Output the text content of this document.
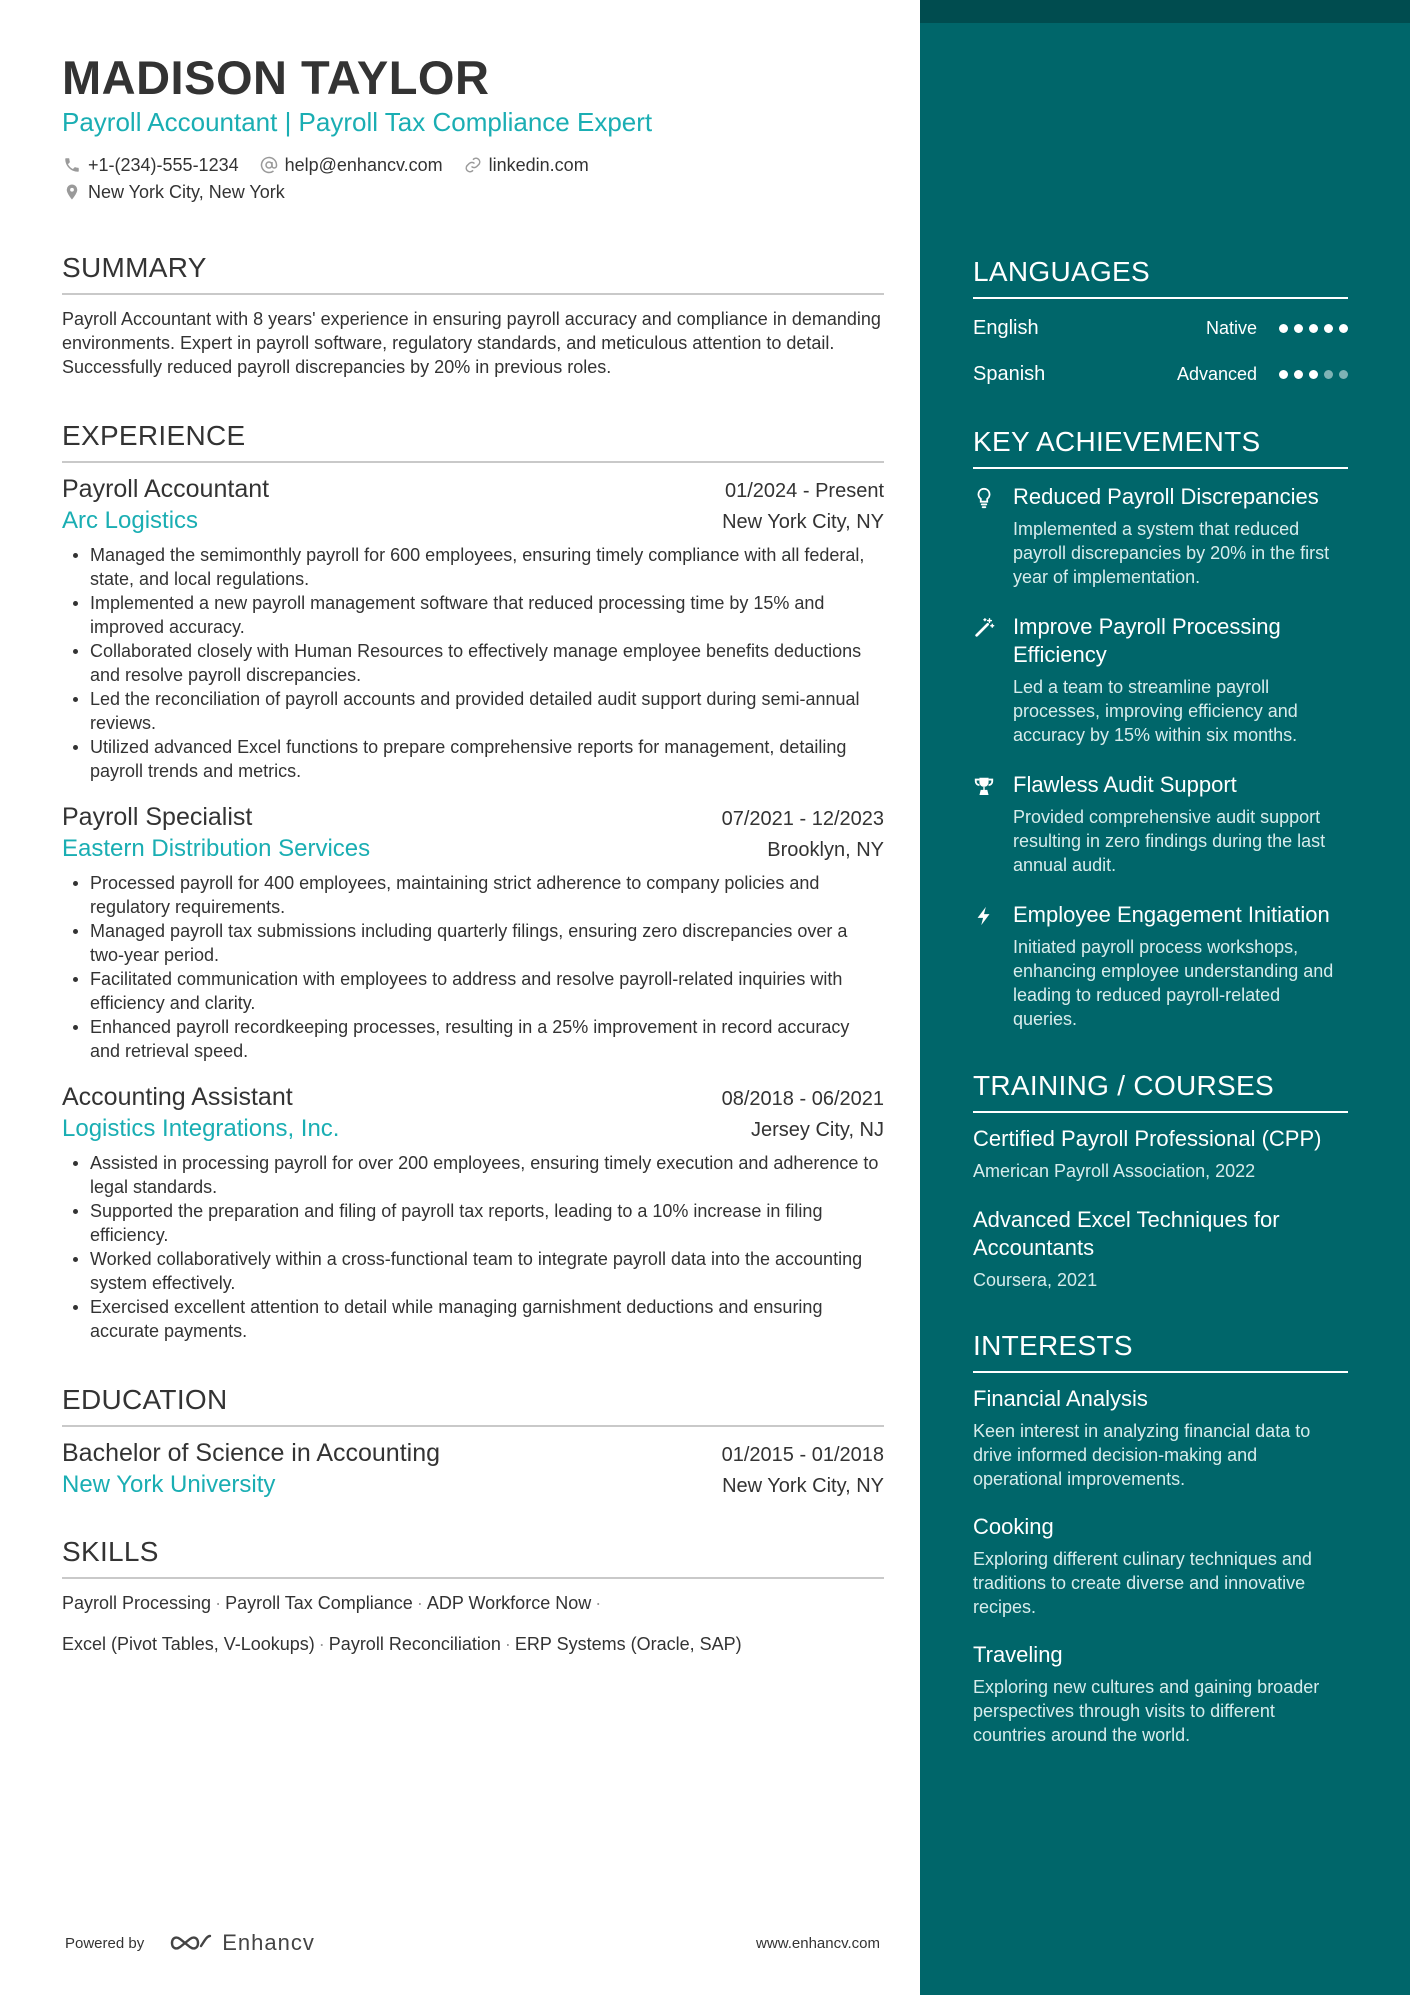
MADISON TAYLOR
Payroll Accountant | Payroll Tax Compliance Expert
+1-(234)-555-1234	help@enhancv.com	linkedin.com
New York City, New York
SUMMARY
Payroll Accountant with 8 years' experience in ensuring payroll accuracy and compliance in demanding environments. Expert in payroll software, regulatory standards, and meticulous attention to detail. Successfully reduced payroll discrepancies by 20% in previous roles.
EXPERIENCE
Payroll Accountant	01/2024 - Present
Arc Logistics	New York City, NY
Managed the semimonthly payroll for 600 employees, ensuring timely compliance with all federal, state, and local regulations.
Implemented a new payroll management software that reduced processing time by 15% and improved accuracy.
Collaborated closely with Human Resources to effectively manage employee benefits deductions and resolve payroll discrepancies.
Led the reconciliation of payroll accounts and provided detailed audit support during semi-annual reviews.
Utilized advanced Excel functions to prepare comprehensive reports for management, detailing payroll trends and metrics.
Payroll Specialist	07/2021 - 12/2023
Eastern Distribution Services	Brooklyn, NY
Processed payroll for 400 employees, maintaining strict adherence to company policies and regulatory requirements.
Managed payroll tax submissions including quarterly filings, ensuring zero discrepancies over a two-year period.
Facilitated communication with employees to address and resolve payroll-related inquiries with efficiency and clarity.
Enhanced payroll recordkeeping processes, resulting in a 25% improvement in record accuracy and retrieval speed.
Accounting Assistant	08/2018 - 06/2021
Logistics Integrations, Inc.	Jersey City, NJ
Assisted in processing payroll for over 200 employees, ensuring timely execution and adherence to legal standards.
Supported the preparation and filing of payroll tax reports, leading to a 10% increase in filing efficiency.
Worked collaboratively within a cross-functional team to integrate payroll data into the accounting system effectively.
Exercised excellent attention to detail while managing garnishment deductions and ensuring accurate payments.
EDUCATION
Bachelor of Science in Accounting	01/2015 - 01/2018
New York University	New York City, NY
SKILLS
Payroll Processing · Payroll Tax Compliance · ADP Workforce Now ·
Excel (Pivot Tables, V-Lookups) · Payroll Reconciliation · ERP Systems (Oracle, SAP)
Powered by	Enhancv	www.enhancv.com
LANGUAGES
English	Native
Spanish	Advanced
KEY ACHIEVEMENTS
Reduced Payroll Discrepancies
Implemented a system that reduced payroll discrepancies by 20% in the first year of implementation.
Improve Payroll Processing Efficiency
Led a team to streamline payroll processes, improving efficiency and accuracy by 15% within six months.
Flawless Audit Support
Provided comprehensive audit support resulting in zero findings during the last annual audit.
Employee Engagement Initiation
Initiated payroll process workshops, enhancing employee understanding and leading to reduced payroll-related queries.
TRAINING / COURSES
Certified Payroll Professional (CPP)
American Payroll Association, 2022
Advanced Excel Techniques for Accountants
Coursera, 2021
INTERESTS
Financial Analysis
Keen interest in analyzing financial data to drive informed decision-making and operational improvements.
Cooking
Exploring different culinary techniques and traditions to create diverse and innovative recipes.
Traveling
Exploring new cultures and gaining broader perspectives through visits to different countries around the world.
